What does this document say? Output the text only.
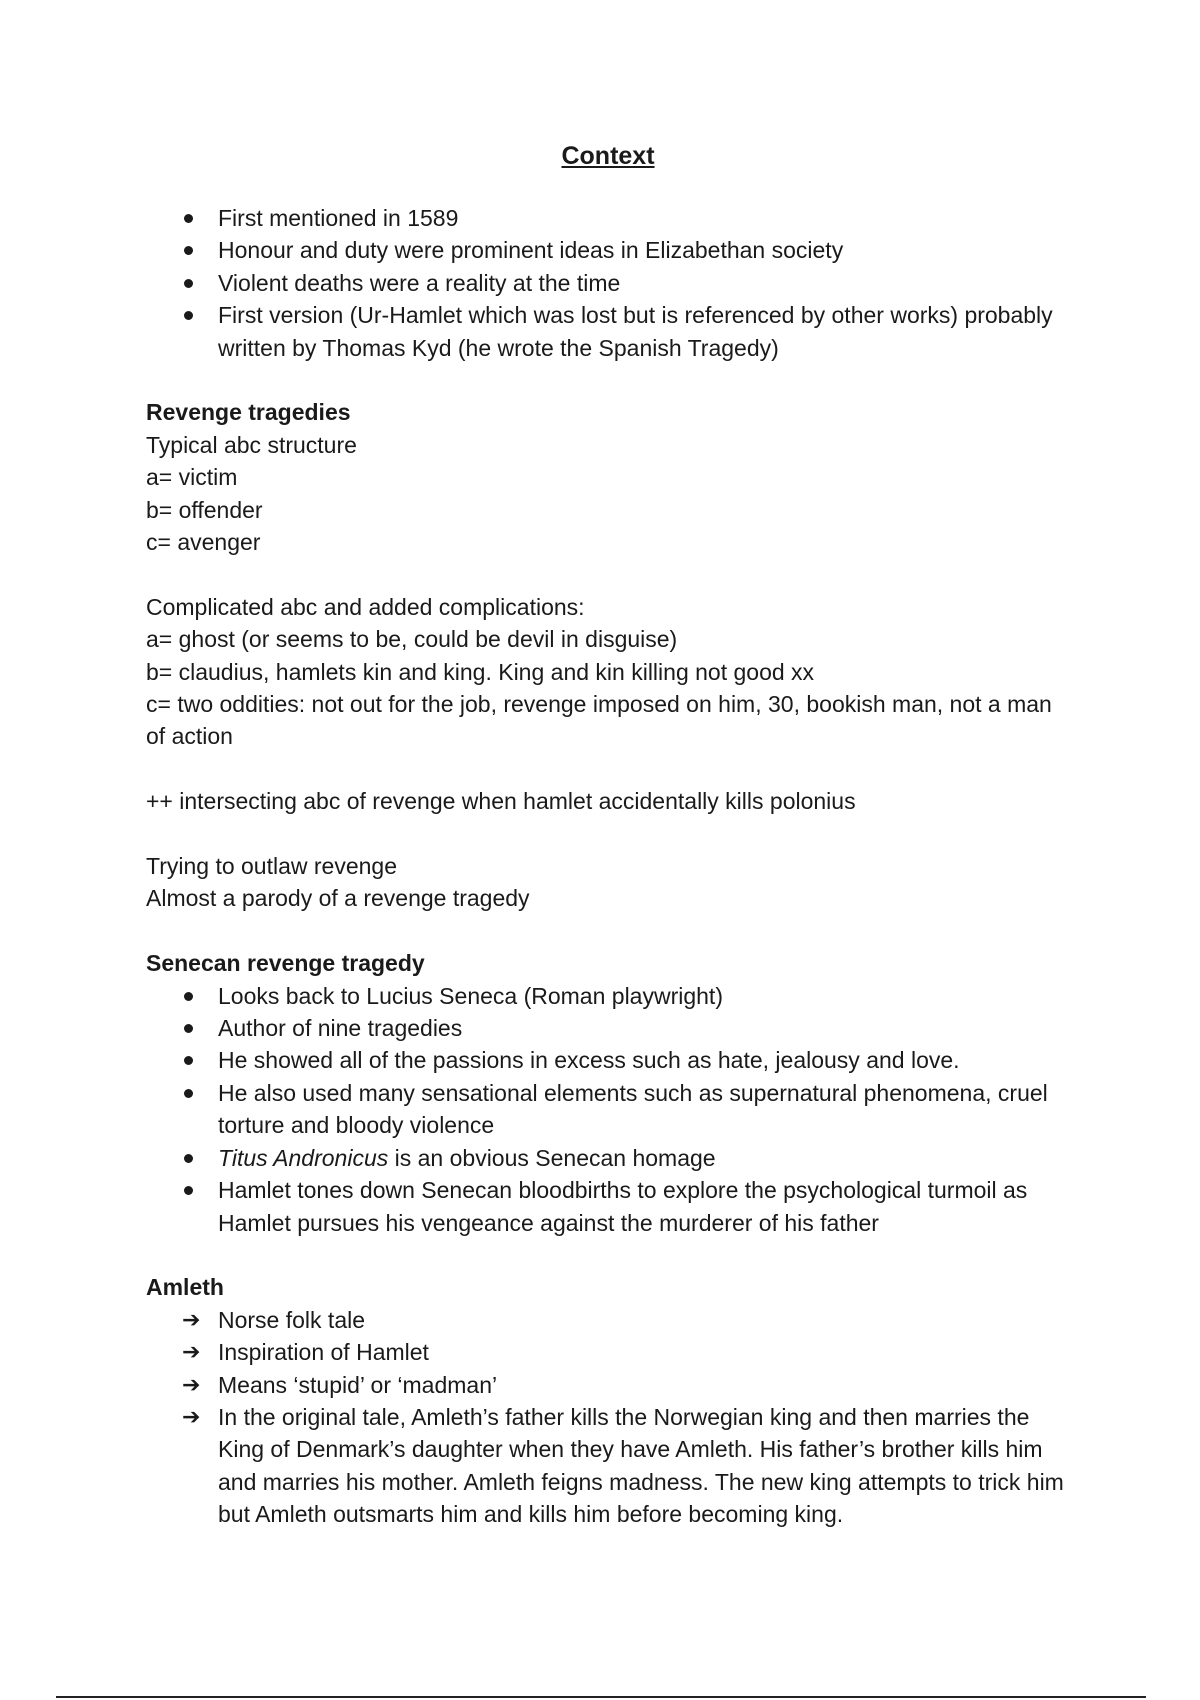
Context
First mentioned in 1589
Honour and duty were prominent ideas in Elizabethan society
Violent deaths were a reality at the time
First version (Ur-Hamlet which was lost but is referenced by other works) probably written by Thomas Kyd (he wrote the Spanish Tragedy)
Revenge tragedies
Typical abc structure
a= victim
b= offender
c= avenger
Complicated abc and added complications:
a= ghost (or seems to be, could be devil in disguise)
b= claudius, hamlets kin and king. King and kin killing not good xx
c= two oddities: not out for the job, revenge imposed on him, 30, bookish man, not a man of action
++ intersecting abc of revenge when hamlet accidentally kills polonius
Trying to outlaw revenge
Almost a parody of a revenge tragedy
Senecan revenge tragedy
Looks back to Lucius Seneca (Roman playwright)
Author of nine tragedies
He showed all of the passions in excess such as hate, jealousy and love.
He also used many sensational elements such as supernatural phenomena, cruel torture and bloody violence
Titus Andronicus is an obvious Senecan homage
Hamlet tones down Senecan bloodbirths to explore the psychological turmoil as Hamlet pursues his vengeance against the murderer of his father
Amleth
➔ Norse folk tale
➔ Inspiration of Hamlet
➔ Means ‘stupid’ or ‘madman’
➔ In the original tale, Amleth’s father kills the Norwegian king and then marries the King of Denmark’s daughter when they have Amleth. His father’s brother kills him and marries his mother. Amleth feigns madness. The new king attempts to trick him but Amleth outsmarts him and kills him before becoming king.
